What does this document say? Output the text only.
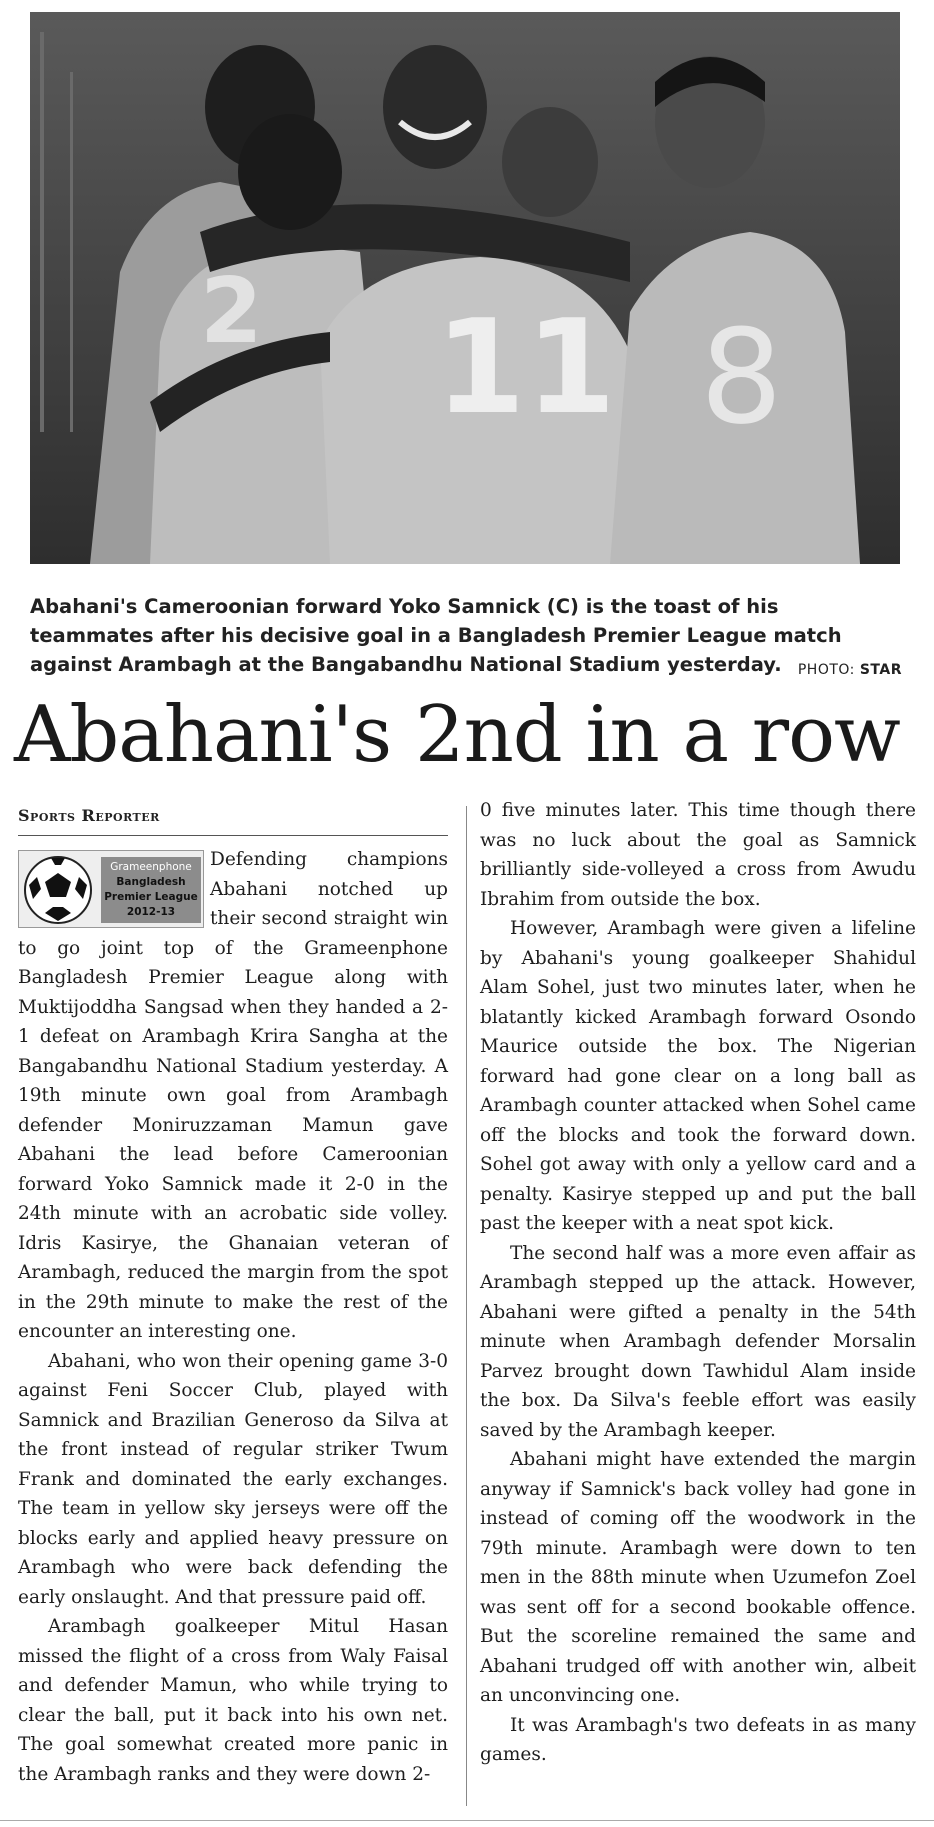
2 11 8
Abahani's Cameroonian forward Yoko Samnick (C) is the toast of his teammates after his decisive goal in a Bangladesh Premier League match against Arambagh at the Bangabandhu National Stadium yesterday.	PHOTO: STAR
Abahani's 2nd in a row
Sports Reporter
Grameenphone
Bangladesh
Premier League
2012-13

Defending champions Abahani notched up their second straight win to go joint top of the Grameenphone Bangladesh Premier League along with Muktijoddha Sangsad when they handed a 2-1 defeat on Arambagh Krira Sangha at the Bangabandhu National Stadium yesterday. A 19th minute own goal from Arambagh defender Moniruzzaman Mamun gave Abahani the lead before Cameroonian forward Yoko Samnick made it 2-0 in the 24th minute with an acrobatic side volley. Idris Kasirye, the Ghanaian veteran of Arambagh, reduced the margin from the spot in the 29th minute to make the rest of the encounter an interesting one.

Abahani, who won their opening game 3-0 against Feni Soccer Club, played with Samnick and Brazilian Generoso da Silva at the front instead of regular striker Twum Frank and dominated the early exchanges. The team in yellow sky jerseys were off the blocks early and applied heavy pressure on Arambagh who were back defending the early onslaught. And that pressure paid off.

Arambagh goalkeeper Mitul Hasan missed the flight of a cross from Waly Faisal and defender Mamun, who while trying to clear the ball, put it back into his own net. The goal somewhat created more panic in the Arambagh ranks and they were down 2-

0 five minutes later. This time though there was no luck about the goal as Samnick brilliantly side-volleyed a cross from Awudu Ibrahim from outside the box.

However, Arambagh were given a lifeline by Abahani's young goalkeeper Shahidul Alam Sohel, just two minutes later, when he blatantly kicked Arambagh forward Osondo Maurice outside the box. The Nigerian forward had gone clear on a long ball as Arambagh counter attacked when Sohel came off the blocks and took the forward down. Sohel got away with only a yellow card and a penalty. Kasirye stepped up and put the ball past the keeper with a neat spot kick.

The second half was a more even affair as Arambagh stepped up the attack. However, Abahani were gifted a penalty in the 54th minute when Arambagh defender Morsalin Parvez brought down Tawhidul Alam inside the box. Da Silva's feeble effort was easily saved by the Arambagh keeper.

Abahani might have extended the margin anyway if Samnick's back volley had gone in instead of coming off the woodwork in the 79th minute. Arambagh were down to ten men in the 88th minute when Uzumefon Zoel was sent off for a second bookable offence. But the scoreline remained the same and Abahani trudged off with another win, albeit an unconvincing one.

It was Arambagh's two defeats in as many games.
